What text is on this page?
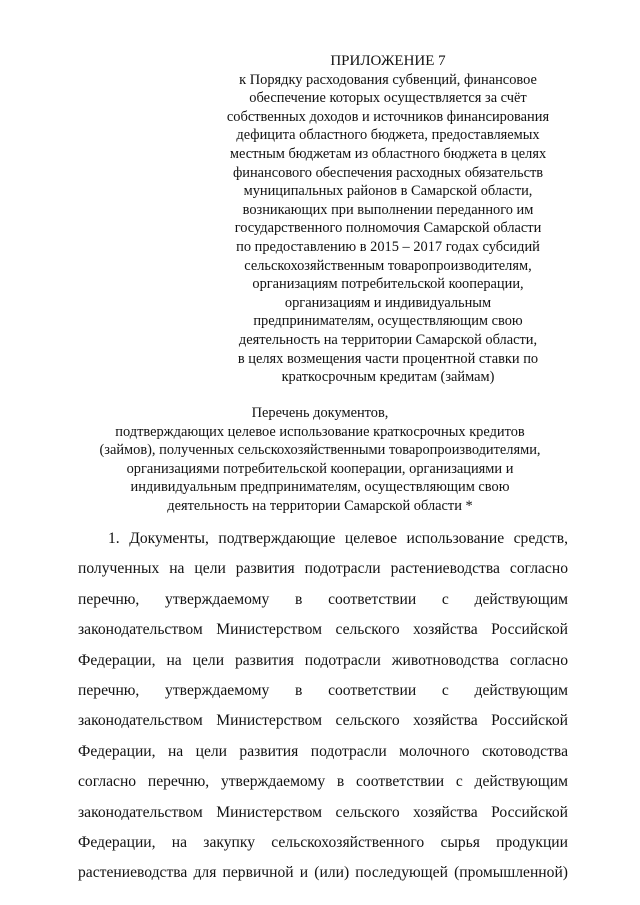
ПРИЛОЖЕНИЕ 7
к Порядку расходования субвенций, финансовое
обеспечение которых осуществляется за счёт
собственных доходов и источников финансирования
дефицита областного бюджета, предоставляемых
местным бюджетам из областного бюджета в целях
финансового обеспечения расходных обязательств
муниципальных районов в Самарской области,
возникающих при выполнении переданного им
государственного полномочия Самарской области
по предоставлению в 2015 – 2017 годах субсидий
сельскохозяйственным товаропроизводителям,
организациям потребительской кооперации,
организациям и индивидуальным
предпринимателям, осуществляющим свою
деятельность на территории Самарской области,
в целях возмещения части процентной ставки по
краткосрочным кредитам (займам)
Перечень документов,
подтверждающих целевое использование краткосрочных кредитов
(займов), полученных сельскохозяйственными товаропроизводителями,
организациями потребительской кооперации, организациями и
индивидуальным предпринимателям, осуществляющим свою
деятельность на территории Самарской области *
1. Документы, подтверждающие целевое использование средств,
полученных на цели развития подотрасли растениеводства согласно
перечню, утверждаемому в соответствии с действующим
законодательством Министерством сельского хозяйства Российской
Федерации, на цели развития подотрасли животноводства согласно
перечню, утверждаемому в соответствии с действующим
законодательством Министерством сельского хозяйства Российской
Федерации, на цели развития подотрасли молочного скотоводства
согласно перечню, утверждаемому в соответствии с действующим
законодательством Министерством сельского хозяйства Российской
Федерации, на закупку сельскохозяйственного сырья продукции
растениеводства для первичной и (или) последующей (промышленной)
